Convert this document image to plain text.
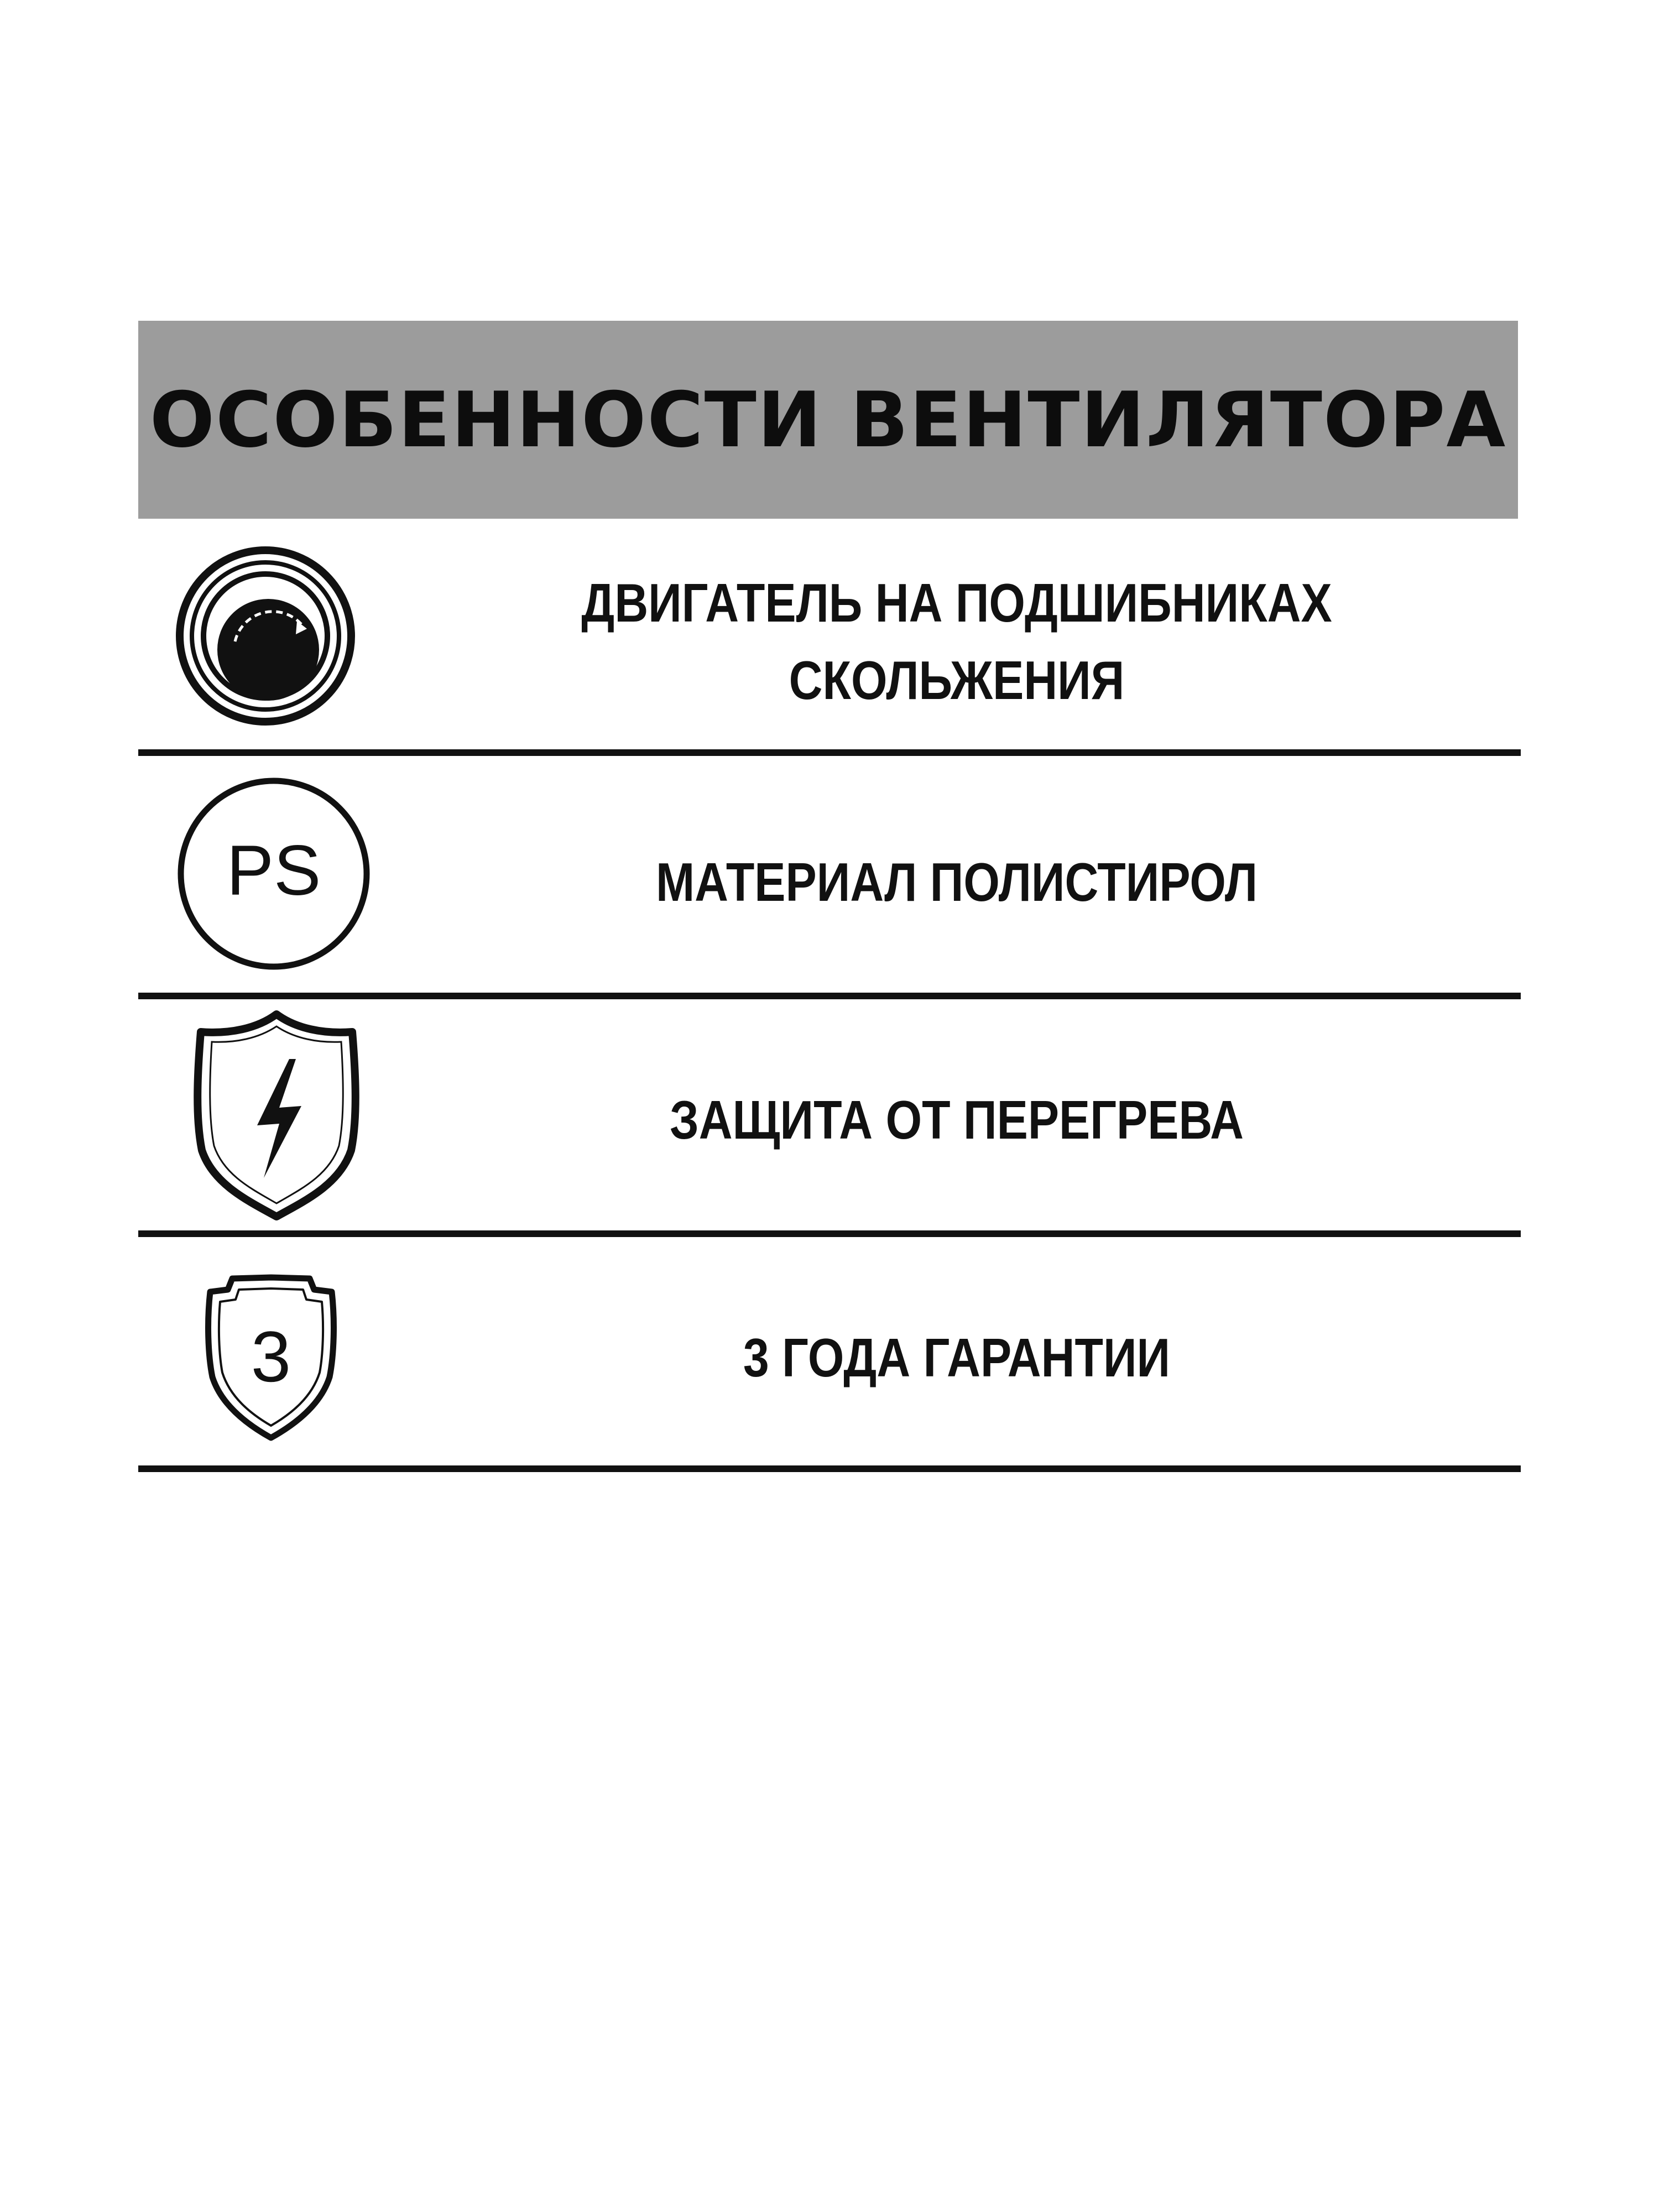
ОСОБЕННОСТИ ВЕНТИЛЯТОРА
ДВИГАТЕЛЬ НА ПОДШИБНИКАХ
СКОЛЬЖЕНИЯ
PS	МАТЕРИАЛ ПОЛИСТИРОЛ
ЗАЩИТА ОТ ПЕРЕГРЕВА
3	3 ГОДА ГАРАНТИИ
